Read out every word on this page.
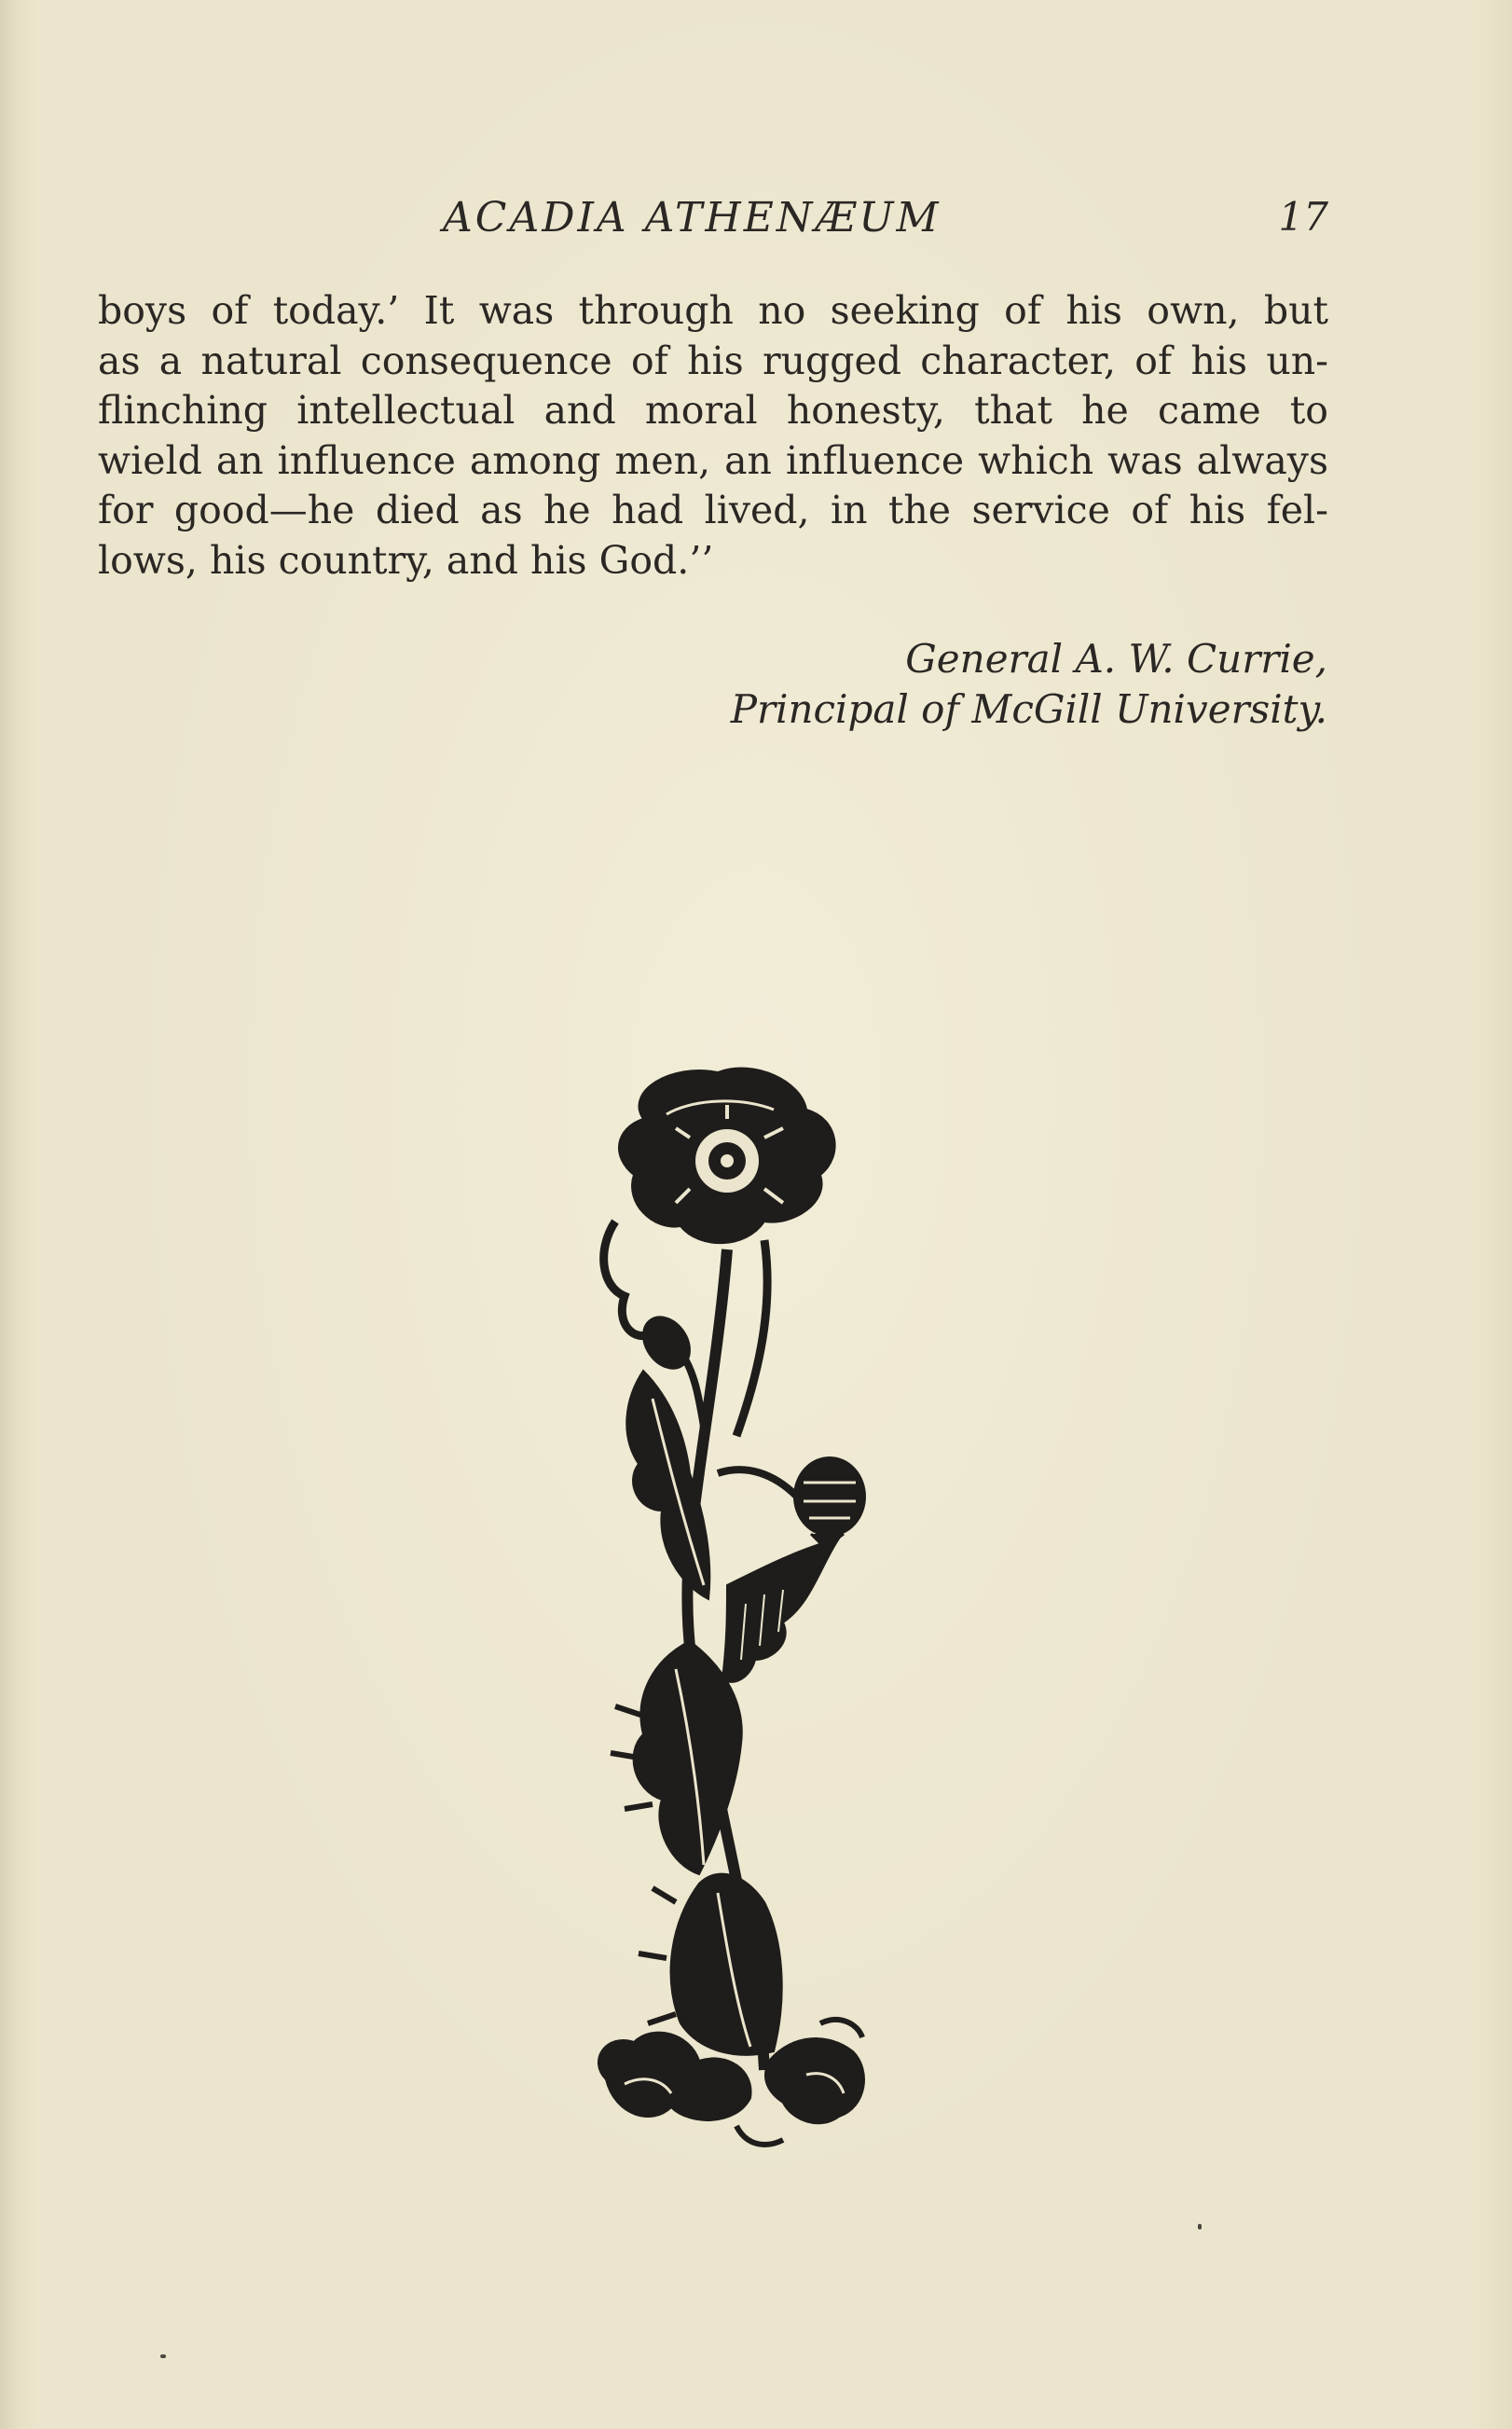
ACADIA ATHENÆUM	17
boys of today.’ It was through no seeking of his own, but
as a natural consequence of his rugged character, of his un-
flinching intellectual and moral honesty, that he came to
wield an influence among men, an influence which was always
for good—he died as he had lived, in the service of his fel-
lows, his country, and his God.’’
General A. W. Currie,
Principal of McGill University.
